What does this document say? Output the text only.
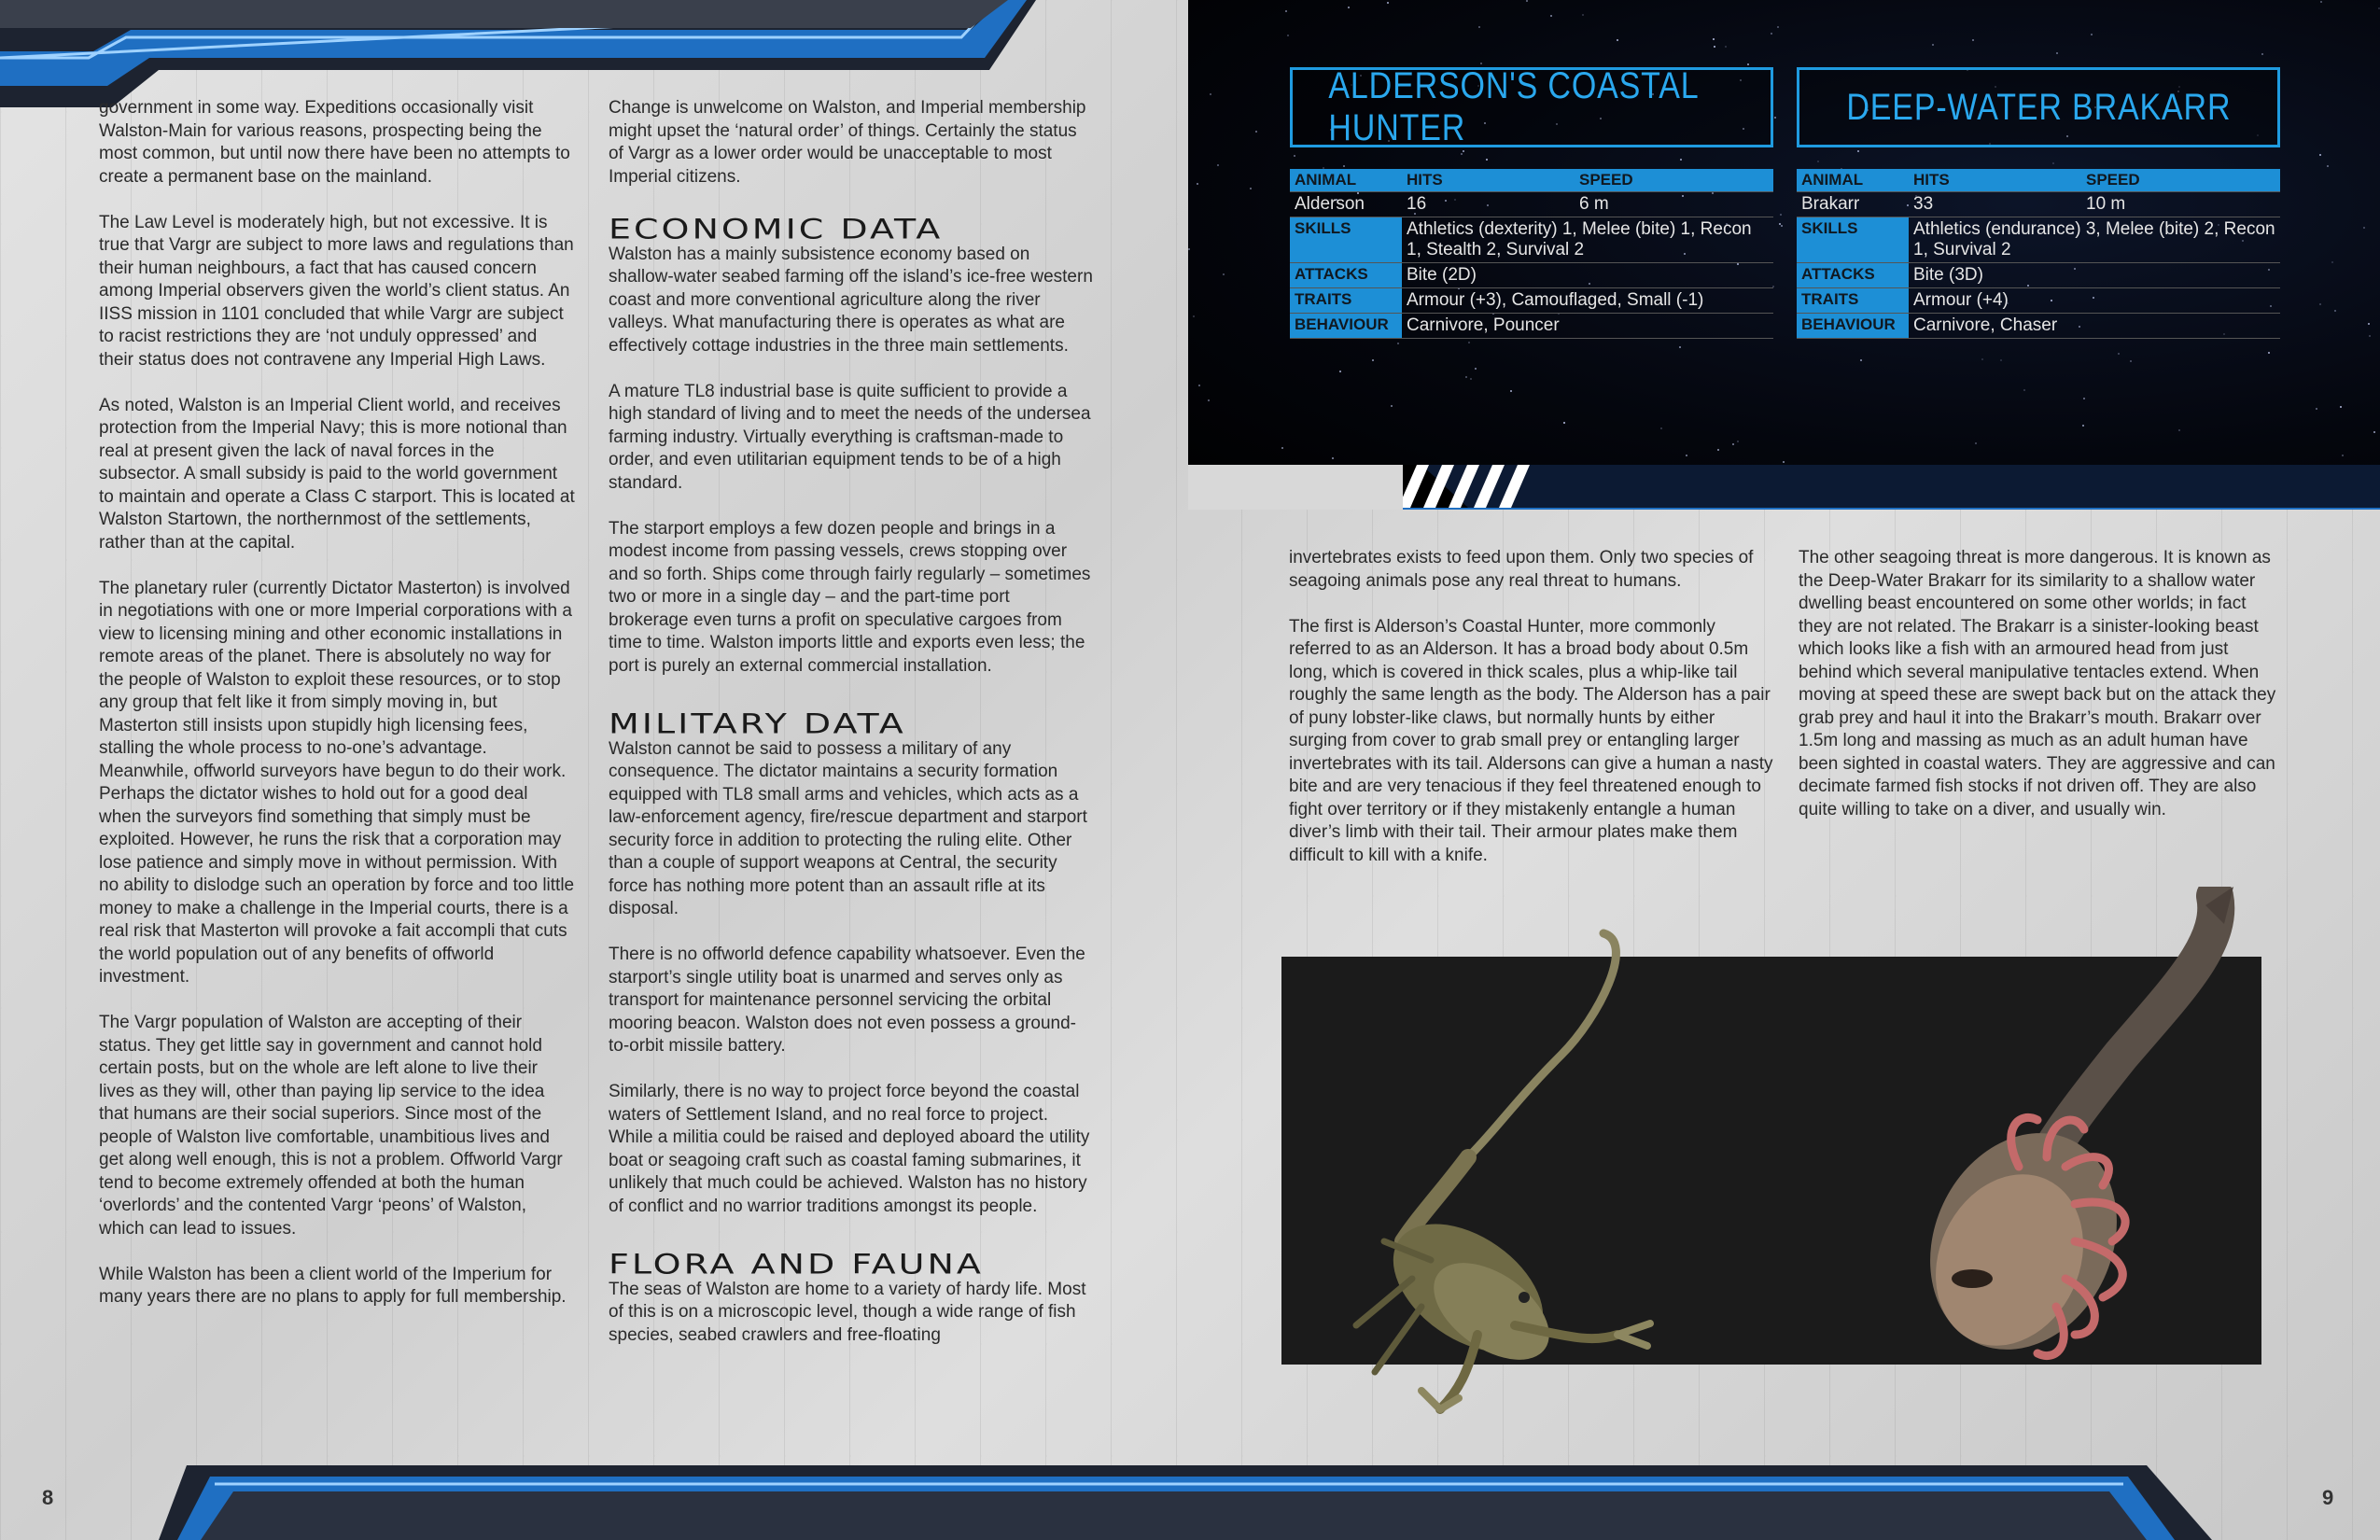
8	9

government in some way. Expeditions occasionally visit Walston-Main for various reasons, prospecting being the most common, but until now there have been no attempts to create a permanent base on the mainland.

The Law Level is moderately high, but not excessive. It is true that Vargr are subject to more laws and regulations than their human neighbours, a fact that has caused concern among Imperial observers given the world’s client status. An IISS mission in 1101 concluded that while Vargr are subject to racist restrictions they are ‘not unduly oppressed’ and their status does not contravene any Imperial High Laws.

As noted, Walston is an Imperial Client world, and receives protection from the Imperial Navy; this is more notional than real at present given the lack of naval forces in the subsector. A small subsidy is paid to the world government to maintain and operate a Class C starport. This is located at Walston Startown, the northernmost of the settlements, rather than at the capital.

The planetary ruler (currently Dictator Masterton) is involved in negotiations with one or more Imperial corporations with a view to licensing mining and other economic installations in remote areas of the planet. There is absolutely no way for the people of Walston to exploit these resources, or to stop any group that felt like it from simply moving in, but Masterton still insists upon stupidly high licensing fees, stalling the whole process to no-one’s advantage. Meanwhile, offworld surveyors have begun to do their work. Perhaps the dictator wishes to hold out for a good deal when the surveyors find something that simply must be exploited. However, he runs the risk that a corporation may lose patience and simply move in without permission. With no ability to dislodge such an operation by force and too little money to make a challenge in the Imperial courts, there is a real risk that Masterton will provoke a fait accompli that cuts the world population out of any benefits of offworld investment.

The Vargr population of Walston are accepting of their status. They get little say in government and cannot hold certain posts, but on the whole are left alone to live their lives as they will, other than paying lip service to the idea that humans are their social superiors. Since most of the people of Walston live comfortable, unambitious lives and get along well enough, this is not a problem. Offworld Vargr tend to become extremely offended at both the human ‘overlords’ and the contented Vargr ‘peons’ of Walston, which can lead to issues.

While Walston has been a client world of the Imperium for many years there are no plans to apply for full membership.

Change is unwelcome on Walston, and Imperial membership might upset the ‘natural order’ of things. Certainly the status of Vargr as a lower order would be unacceptable to most Imperial citizens.

ECONOMIC DATA

Walston has a mainly subsistence economy based on shallow-water seabed farming off the island’s ice-free western coast and more conventional agriculture along the river valleys. What manufacturing there is operates as what are effectively cottage industries in the three main settlements.

A mature TL8 industrial base is quite sufficient to provide a high standard of living and to meet the needs of the undersea farming industry. Virtually everything is craftsman-made to order, and even utilitarian equipment tends to be of a high standard.

The starport employs a few dozen people and brings in a modest income from passing vessels, crews stopping over and so forth. Ships come through fairly regularly – sometimes two or more in a single day – and the part-time port brokerage even turns a profit on speculative cargoes from time to time. Walston imports little and exports even less; the port is purely an external commercial installation.

MILITARY DATA

Walston cannot be said to possess a military of any consequence. The dictator maintains a security formation equipped with TL8 small arms and vehicles, which acts as a law-enforcement agency, fire/rescue department and starport security force in addition to protecting the ruling elite. Other than a couple of support weapons at Central, the security force has nothing more potent than an assault rifle at its disposal.

There is no offworld defence capability whatsoever. Even the starport’s single utility boat is unarmed and serves only as transport for maintenance personnel servicing the orbital mooring beacon. Walston does not even possess a ground-to-orbit missile battery.

Similarly, there is no way to project force beyond the coastal waters of Settlement Island, and no real force to project. While a militia could be raised and deployed aboard the utility boat or seagoing craft such as coastal faming submarines, it unlikely that much could be achieved. Walston has no history of conflict and no warrior traditions amongst its people.

FLORA AND FAUNA

The seas of Walston are home to a variety of hardy life. Most of this is on a microscopic level, though a wide range of fish species, seabed crawlers and free-floating

ALDERSON'S COASTAL HUNTER
ANIMAL	HITS	SPEED
Alderson	16	6 m
SKILLS	Athletics (dexterity) 1, Melee (bite) 1, Recon 1, Stealth 2, Survival 2	
ATTACKS	Bite (2D)	
TRAITS	Armour (+3), Camouflaged, Small (-1)	
BEHAVIOUR	Carnivore, Pouncer	
DEEP-WATER BRAKARR
ANIMAL	HITS	SPEED
Brakarr	33	10 m
SKILLS	Athletics (endurance) 3, Melee (bite) 2, Recon 1, Survival 2	
ATTACKS	Bite (3D)	
TRAITS	Armour (+4)	
BEHAVIOUR	Carnivore, Chaser	

invertebrates exists to feed upon them. Only two species of seagoing animals pose any real threat to humans.

The first is Alderson’s Coastal Hunter, more commonly referred to as an Alderson. It has a broad body about 0.5m long, which is covered in thick scales, plus a whip-like tail roughly the same length as the body. The Alderson has a pair of puny lobster-like claws, but normally hunts by either surging from cover to grab small prey or entangling larger invertebrates with its tail. Aldersons can give a human a nasty bite and are very tenacious if they feel threatened enough to fight over territory or if they mistakenly entangle a human diver’s limb with their tail. Their armour plates make them difficult to kill with a knife.

The other seagoing threat is more dangerous. It is known as the Deep-Water Brakarr for its similarity to a shallow water dwelling beast encountered on some other worlds; in fact they are not related. The Brakarr is a sinister-looking beast which looks like a fish with an armoured head from just behind which several manipulative tentacles extend. When moving at speed these are swept back but on the attack they grab prey and haul it into the Brakarr’s mouth. Brakarr over 1.5m long and massing as much as an adult human have been sighted in coastal waters. They are aggressive and can decimate farmed fish stocks if not driven off. They are also quite willing to take on a diver, and usually win.
